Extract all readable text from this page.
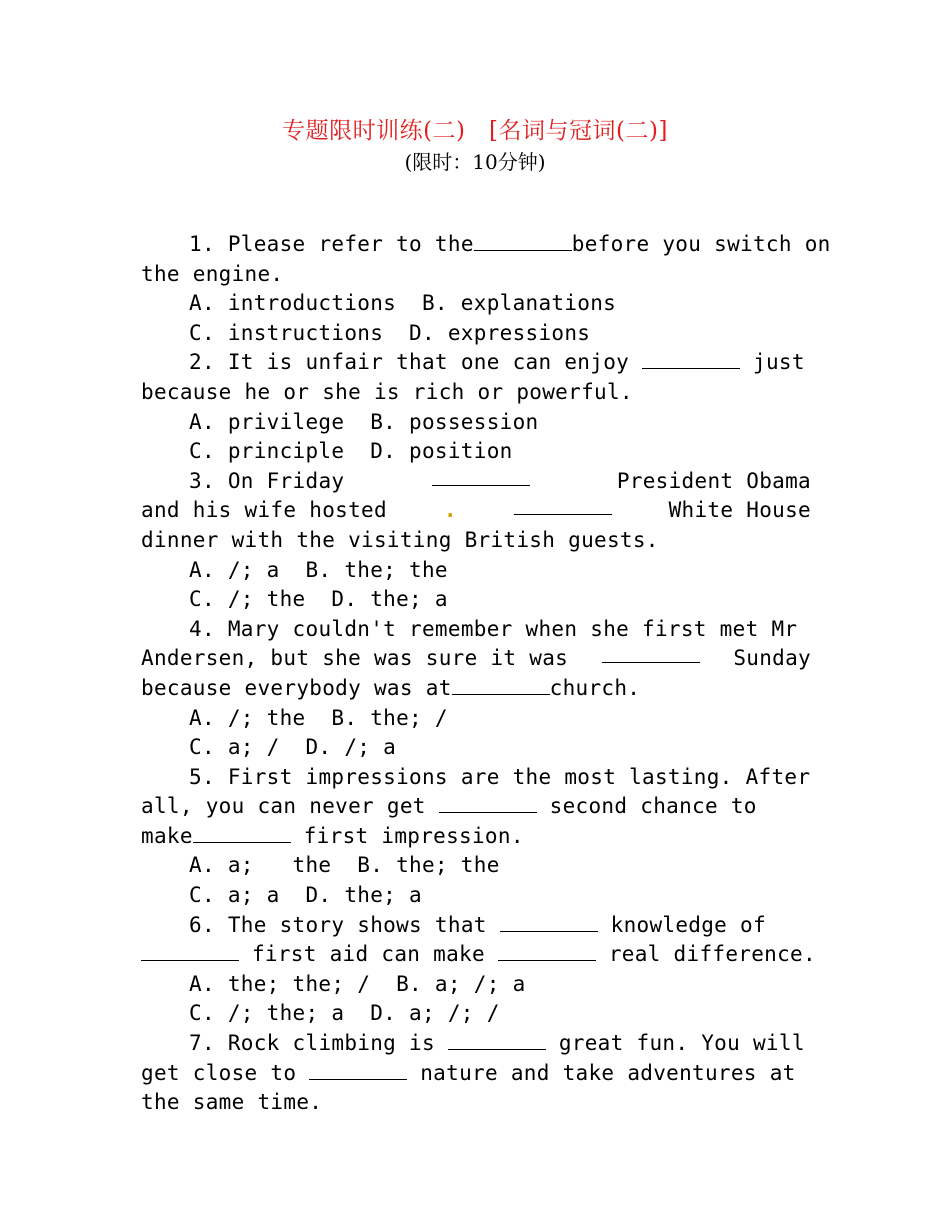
专题限时训练(二)　[名词与冠词(二)]
(限时：10分钟)
1. Please refer to the	before you switch on
the engine.
A. introductions  B. explanations
C. instructions  D. expressions
2. It is unfair that one can enjoy	just
because he or she is rich or powerful.
A. privilege  B. possession
C. principle  D. position
3. On Friday	President Obama
and his wife hosted	.	White House
dinner with the visiting British guests.
A. /; a  B. the; the
C. /; the  D. the; a
4. Mary couldn't remember when she first met Mr
Andersen, but she was sure it was	Sunday
because everybody was at	church.
A. /; the  B. the; /
C. a; /  D. /; a
5. First impressions are the most lasting. After
all, you can never get	second chance to
make	first impression.
A. a;   the  B. the; the
C. a; a  D. the; a
6. The story shows that	knowledge of
first aid can make	real difference.
A. the; the; /  B. a; /; a
C. /; the; a  D. a; /; /
7. Rock climbing is	great fun. You will
get close to	nature and take adventures at
the same time.
